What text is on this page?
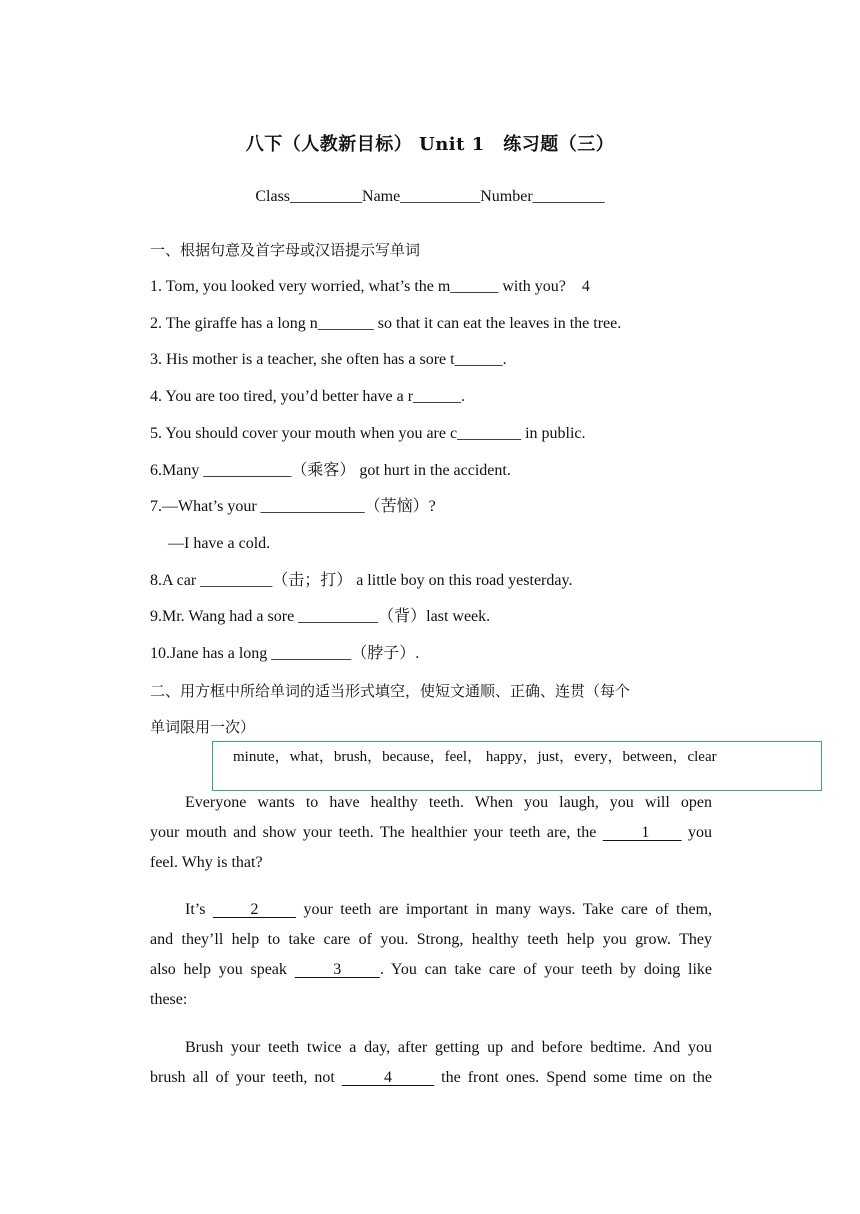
八下（人教新目标） Unit 1　练习题（三）
Class_________Name__________Number_________
一、根据句意及首字母或汉语提示写单词
1. Tom, you looked very worried, what’s the m______ with you?　4
2. The giraffe has a long n_______ so that it can eat the leaves in the tree.
3. His mother is a teacher, she often has a sore t______.
4. You are too tired, you’d better have a r______.
5. You should cover your mouth when you are c________ in public.
6.Many ___________（乘客） got hurt in the accident.
7.—What’s your _____________（苦恼）?
—I have a cold.
8.A car _________（击；打） a little boy on this road yesterday.
9.Mr. Wang had a sore __________（背）last week.
10.Jane has a long __________（脖子）.
二、用方框中所给单词的适当形式填空，使短文通顺、正确、连贯（每个
单词限用一次）
minute，what，brush，because，feel， happy，just，every，between，clear
Everyone wants to have healthy teeth. When you laugh, you will open
your mouth and show your teeth. The healthier your teeth are, the       1      you
feel. Why is that?
It’s      2      your teeth are important in many ways. Take care of them,
and they’ll help to take care of you. Strong, healthy teeth help you grow. They
also help you speak      3     . You can take care of your teeth by doing like
these:
Brush your teeth twice a day, after getting up and before bedtime. And you
brush all of your teeth, not       4       the front ones. Spend some time on the
